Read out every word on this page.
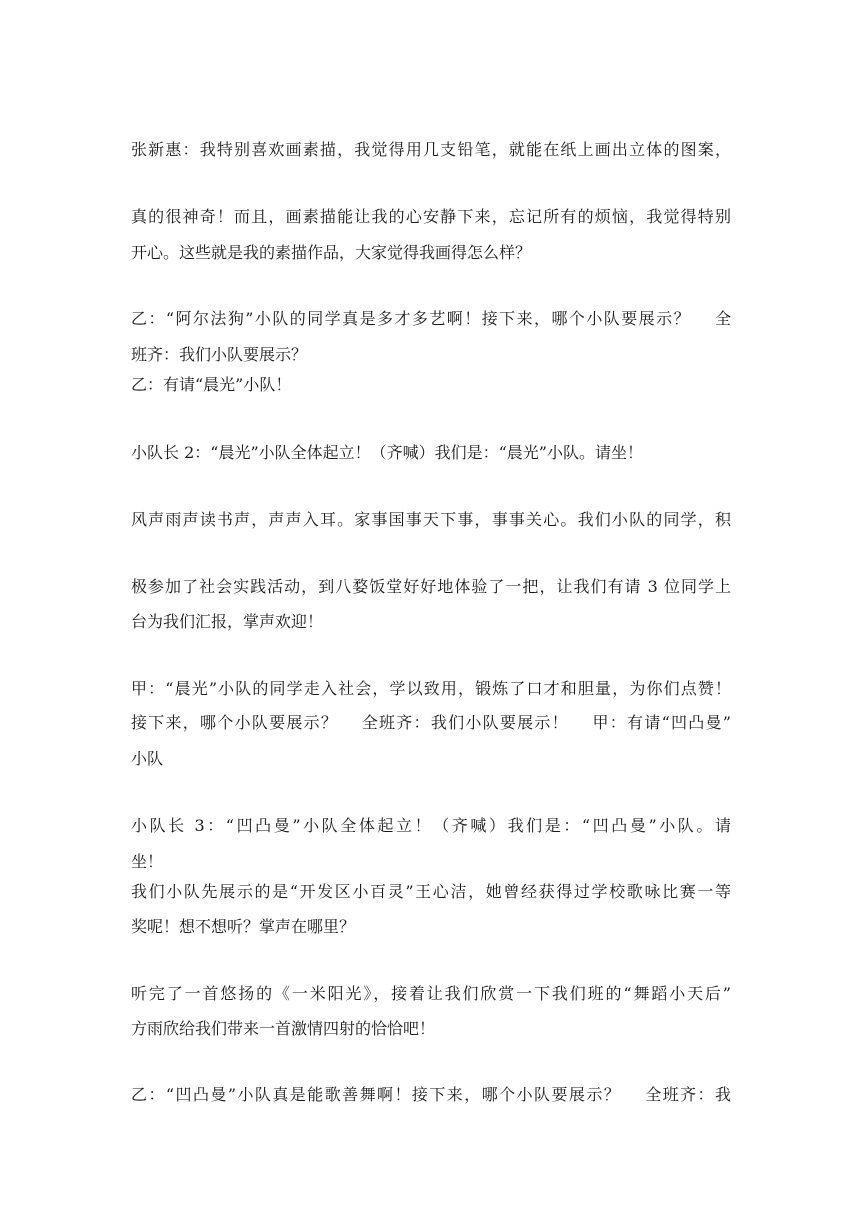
张新惠：我特别喜欢画素描，我觉得用几支铅笔，就能在纸上画出立体的图案，
真的很神奇！而且，画素描能让我的心安静下来，忘记所有的烦恼，我觉得特别
开心。这些就是我的素描作品，大家觉得我画得怎么样？
乙：“阿尔法狗”小队的同学真是多才多艺啊！接下来，哪个小队要展示？　 全
班齐：我们小队要展示？
乙：有请“晨光”小队！
小队长 2：“晨光”小队全体起立！（齐喊）我们是：“晨光”小队。请坐！
风声雨声读书声，声声入耳。家事国事天下事，事事关心。我们小队的同学，积
极参加了社会实践活动，到八婺饭堂好好地体验了一把，让我们有请 3 位同学上
台为我们汇报，掌声欢迎！
甲：“晨光”小队的同学走入社会，学以致用，锻炼了口才和胆量，为你们点赞！
接下来，哪个小队要展示？　 全班齐：我们小队要展示！　 甲：有请“凹凸曼”
小队
小队长 3：“凹凸曼”小队全体起立！（齐喊）我们是：“凹凸曼”小队。请
坐！
我们小队先展示的是“开发区小百灵”王心洁，她曾经获得过学校歌咏比赛一等
奖呢！想不想听？掌声在哪里？
听完了一首悠扬的《一米阳光》，接着让我们欣赏一下我们班的“舞蹈小天后”
方雨欣给我们带来一首激情四射的恰恰吧！
乙：“凹凸曼”小队真是能歌善舞啊！接下来，哪个小队要展示？　 全班齐：我
